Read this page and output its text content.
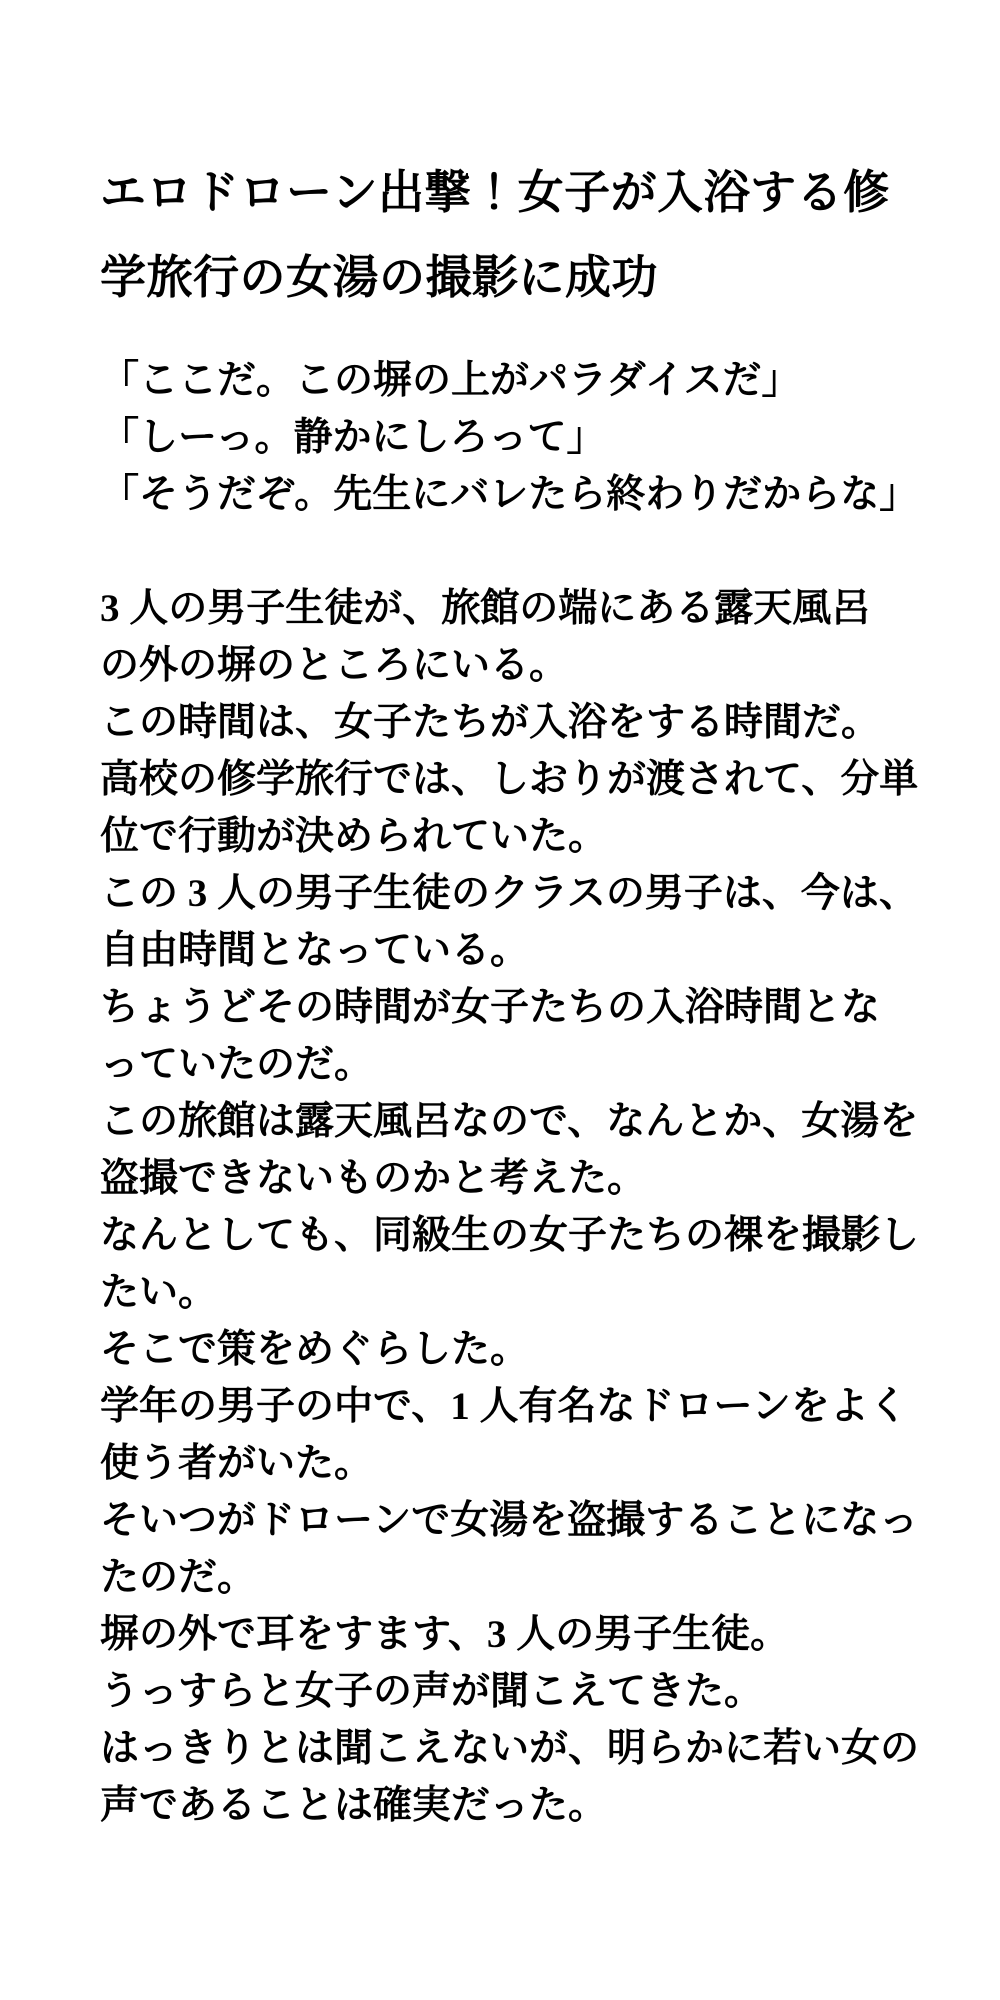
エロドローン出撃！女子が入浴する修
学旅行の女湯の撮影に成功

「ここだ。この塀の上がパラダイスだ」

「しーっ。静かにしろって」

「そうだぞ。先生にバレたら終わりだからな」

3 人の男子生徒が、旅館の端にある露天風呂

の外の塀のところにいる。

この時間は、女子たちが入浴をする時間だ。

高校の修学旅行では、しおりが渡されて、分単

位で行動が決められていた。

この 3 人の男子生徒のクラスの男子は、今は、

自由時間となっている。

ちょうどその時間が女子たちの入浴時間とな

っていたのだ。

この旅館は露天風呂なので、なんとか、女湯を

盗撮できないものかと考えた。

なんとしても、同級生の女子たちの裸を撮影し

たい。

そこで策をめぐらした。

学年の男子の中で、1 人有名なドローンをよく

使う者がいた。

そいつがドローンで女湯を盗撮することになっ

たのだ。

塀の外で耳をすます、3 人の男子生徒。

うっすらと女子の声が聞こえてきた。

はっきりとは聞こえないが、明らかに若い女の

声であることは確実だった。
